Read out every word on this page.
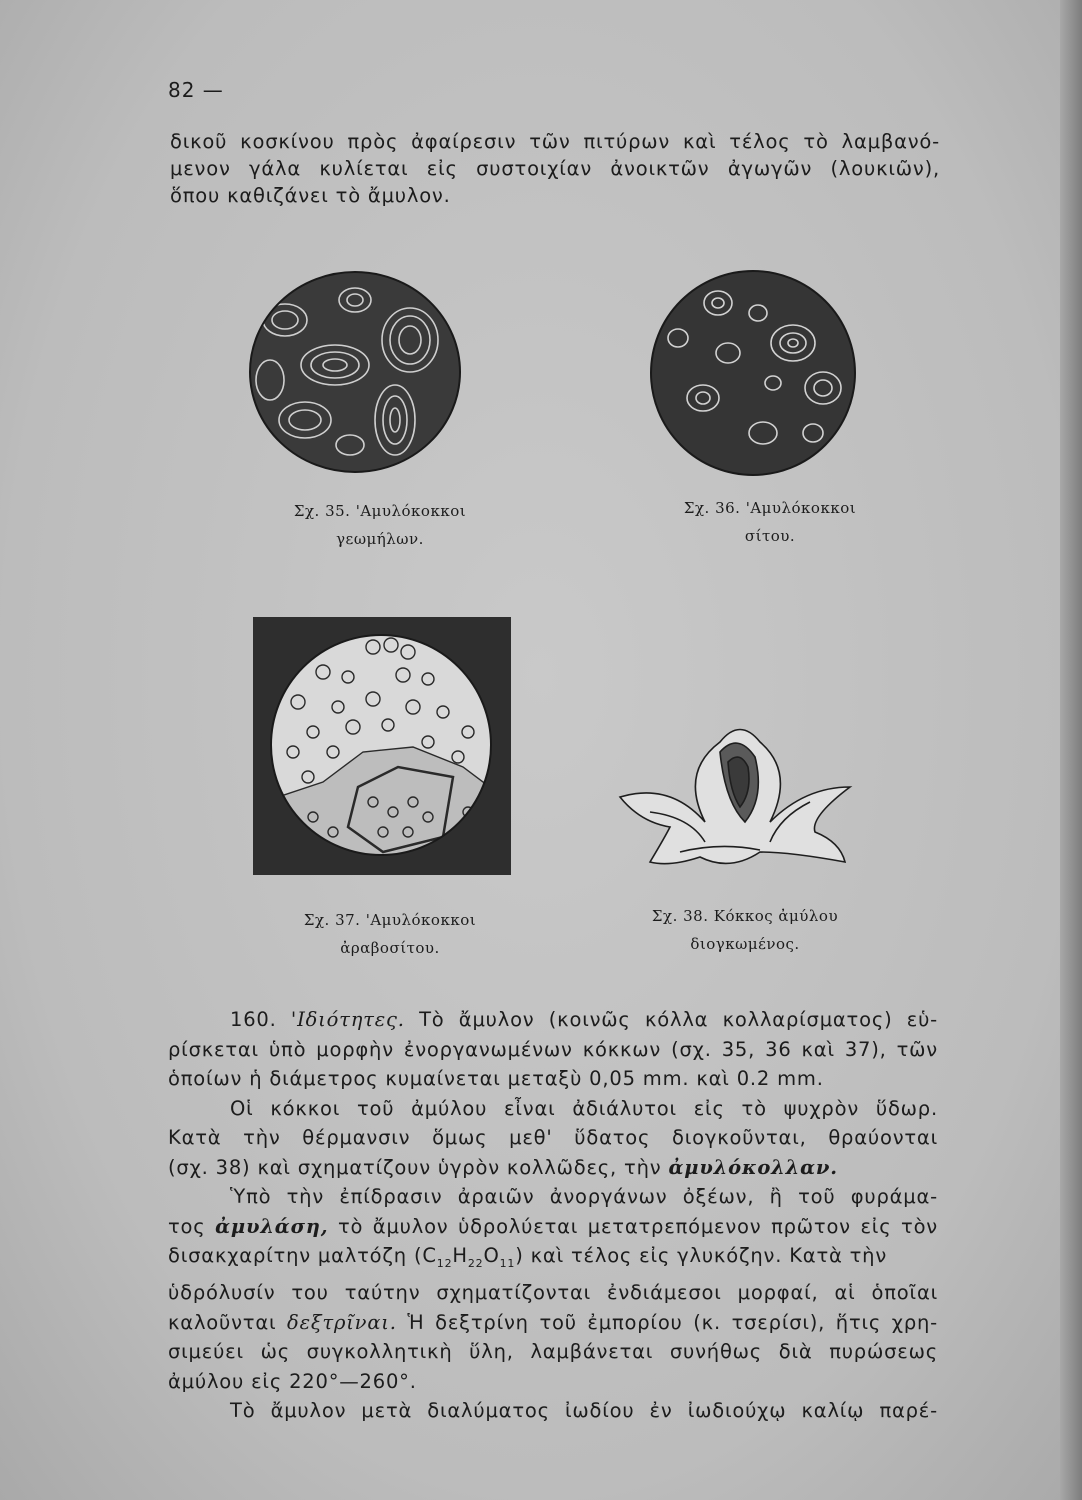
82 —
δικοῦ κοσκίνου πρὸς ἀφαίρεσιν τῶν πιτύρων καὶ τέλος τὸ λαμβανό-
μενον γάλα κυλίεται εἰς συστοιχίαν ἀνοικτῶν ἀγωγῶν (λουκιῶν),
ὅπου καθιζάνει τὸ ἄμυλον.
Σχ. 35. 'Αμυλόκοκκοι
γεωμήλων.
Σχ. 36. 'Αμυλόκοκκοι
σίτου.
Σχ. 37. 'Αμυλόκοκκοι
ἀραβοσίτου.
Σχ. 38. Κόκκος ἀμύλου
διογκωμένος.
160. 'Ιδιότητες. Τὸ ἄμυλον (κοινῶς κόλλα κολλαρίσματος) εὑ-
ρίσκεται ὑπὸ μορφὴν ἐνοργανωμένων κόκκων (σχ. 35, 36 καὶ 37), τῶν
ὁποίων ἡ διάμετρος κυμαίνεται μεταξὺ 0,05 mm. καὶ 0.2 mm.
Οἱ κόκκοι τοῦ ἀμύλου εἶναι ἀδιάλυτοι εἰς τὸ ψυχρὸν ὕδωρ.
Κατὰ τὴν θέρμανσιν ὅμως μεθ' ὕδατος διογκοῦνται, θραύονται
(σχ. 38) καὶ σχηματίζουν ὑγρὸν κολλῶδες, τὴν ἀμυλόκολλαν.
Ὑπὸ τὴν ἐπίδρασιν ἀραιῶν ἀνοργάνων ὀξέων, ἢ τοῦ φυράμα-
τος ἀμυλάση, τὸ ἄμυλον ὑδρολύεται μετατρεπόμενον πρῶτον εἰς τὸν
δισακχαρίτην μαλτόζη $(C_{12}H_{22}O_{11})$ καὶ τέλος εἰς γλυκόζην. Κατὰ τὴν
ὑδρόλυσίν του ταύτην σχηματίζονται ἐνδιάμεσοι μορφαί, αἱ ὁποῖαι
καλοῦνται δεξτρῖναι. Ἡ δεξτρίνη τοῦ ἐμπορίου (κ. τσερίσι), ἥτις χρη-
σιμεύει ὡς συγκολλητικὴ ὕλη, λαμβάνεται συνήθως διὰ πυρώσεως
ἀμύλου εἰς 220°—260°.
Τὸ ἄμυλον μετὰ διαλύματος ἰωδίου ἐν ἰωδιούχῳ καλίῳ παρέ-
